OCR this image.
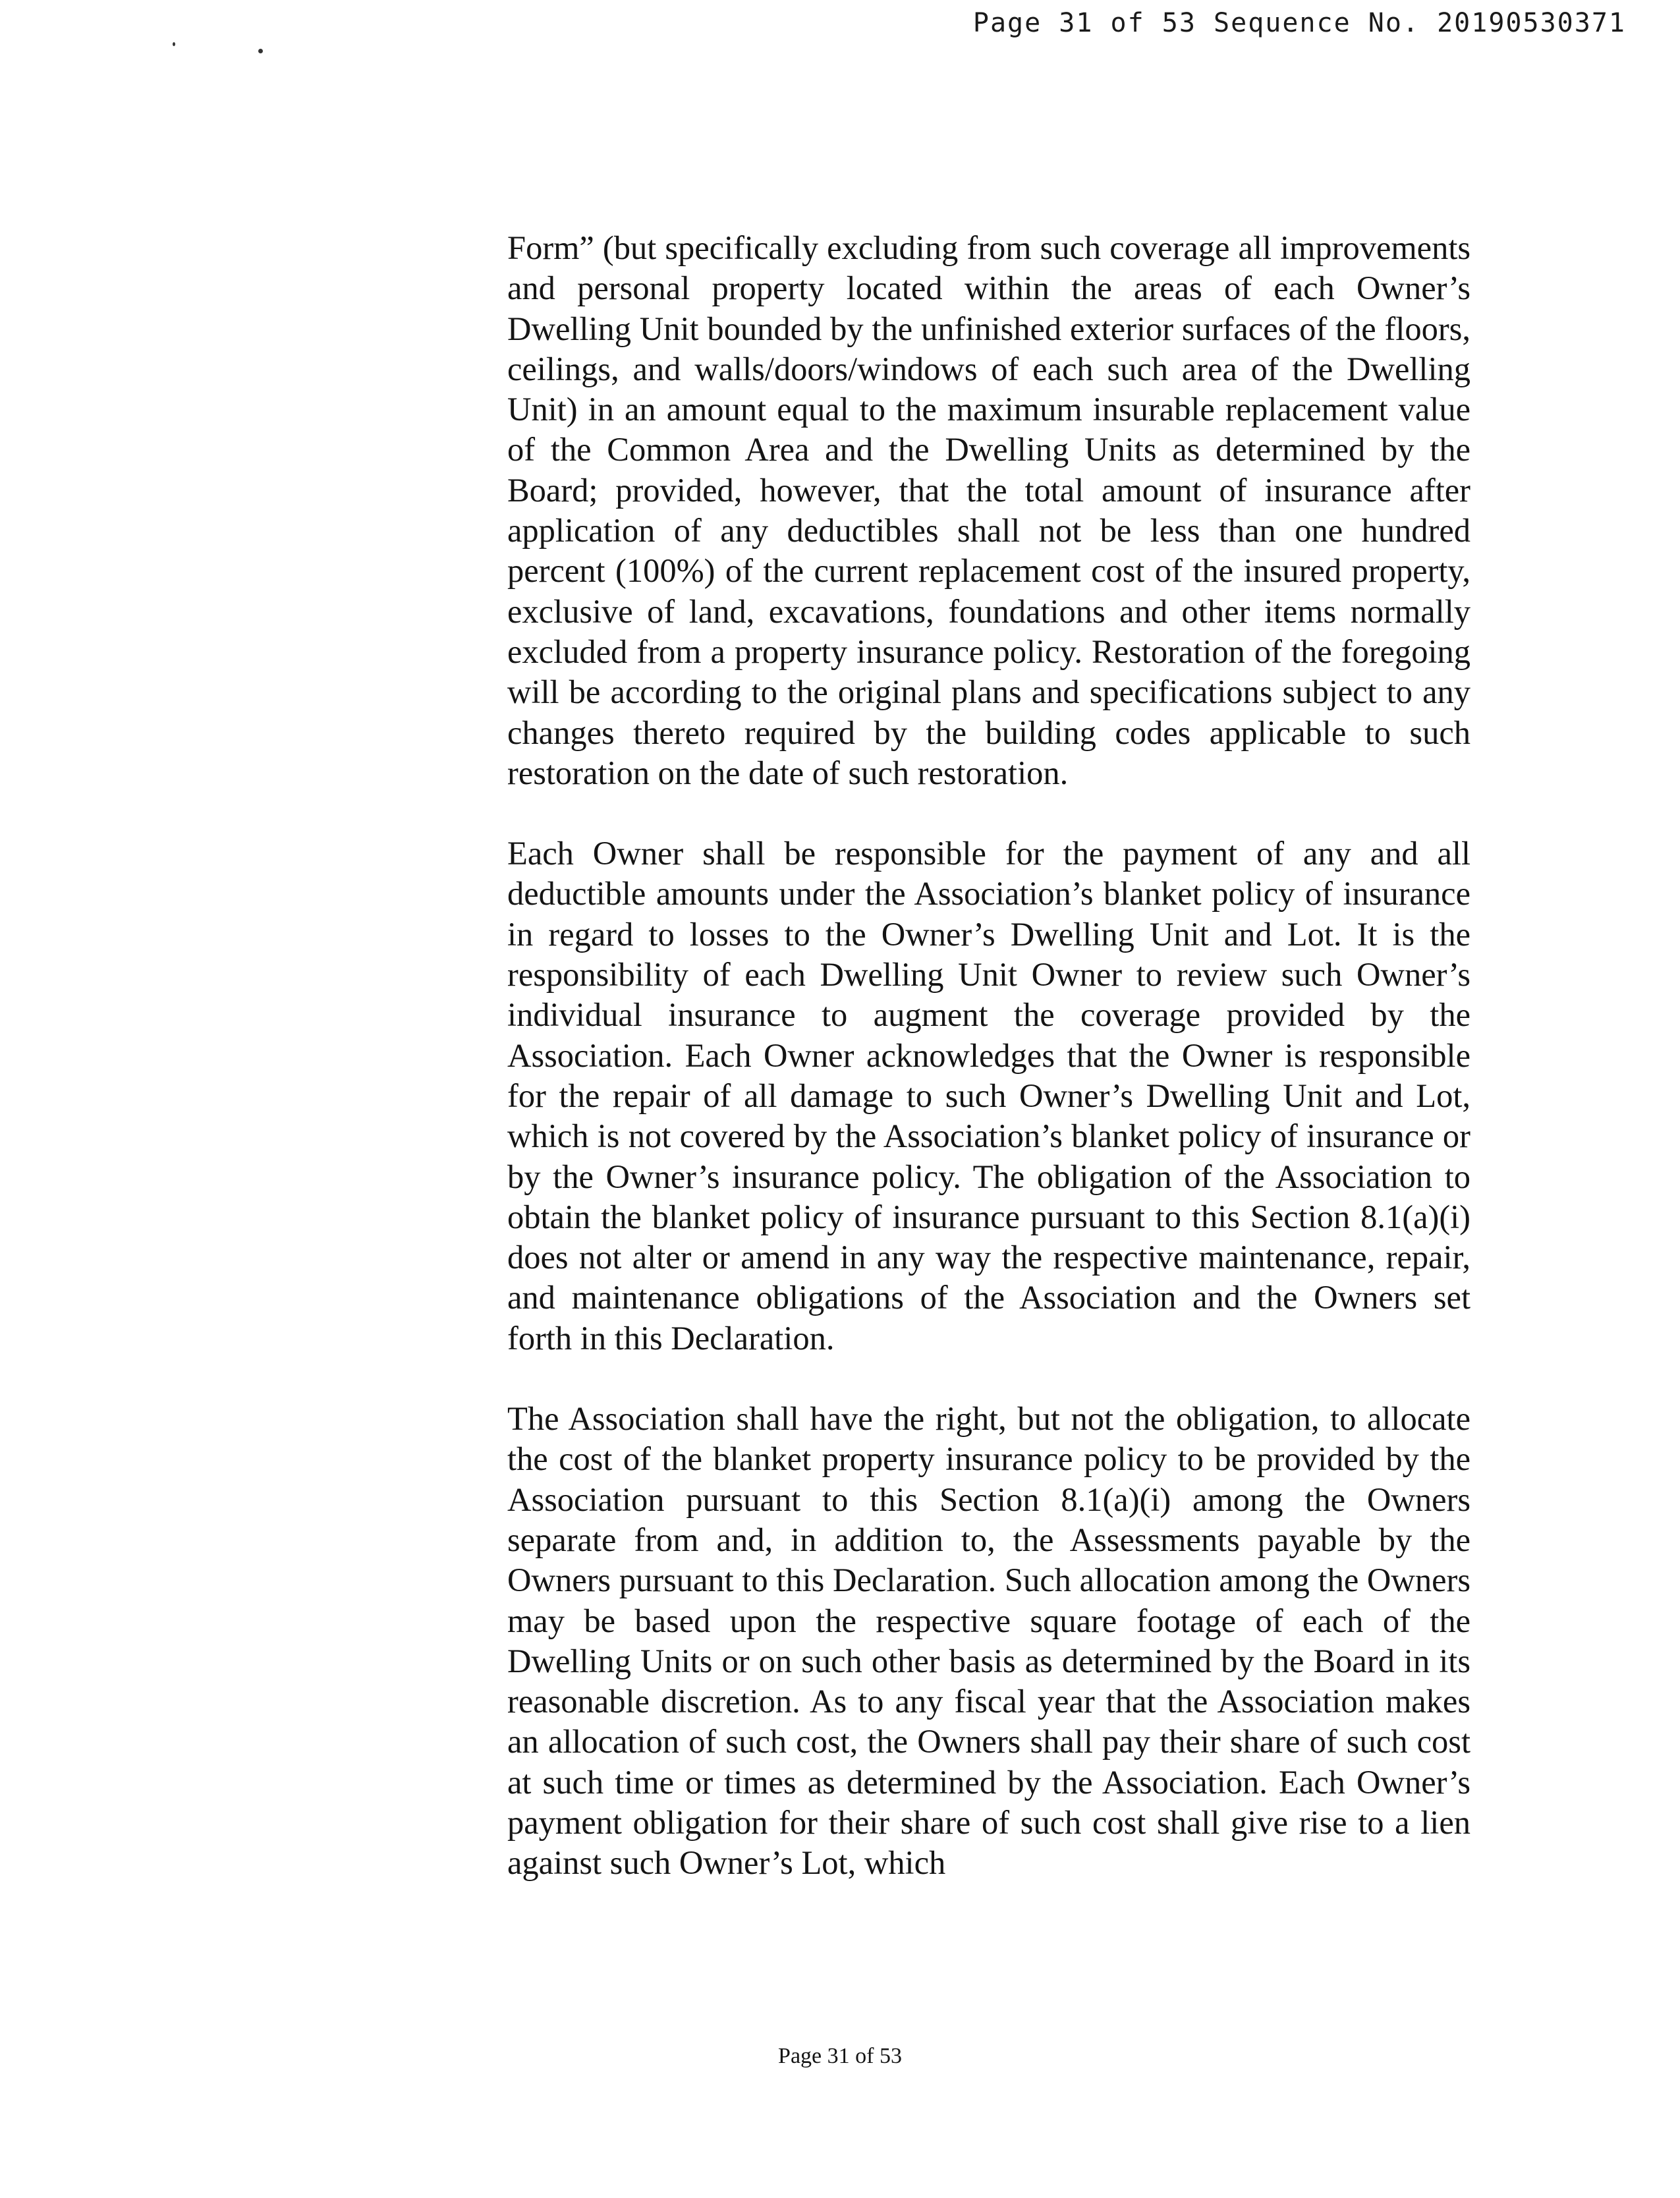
Page 31 of 53 Sequence No. 20190530371

Form” (but specifically excluding from such coverage all improvements and personal property located within the areas of each Owner’s Dwelling Unit bounded by the unfinished exterior surfaces of the floors, ceilings, and walls/doors/windows of each such area of the Dwelling Unit) in an amount equal to the maximum insurable replacement value of the Common Area and the Dwelling Units as determined by the Board; provided, however, that the total amount of insurance after application of any deductibles shall not be less than one hundred percent (100%) of the current replacement cost of the insured property, exclusive of land, excavations, foundations and other items normally excluded from a property insurance policy. Restoration of the foregoing will be according to the original plans and specifications subject to any changes thereto required by the building codes applicable to such restoration on the date of such restoration.

Each Owner shall be responsible for the payment of any and all deductible amounts under the Association’s blanket policy of insurance in regard to losses to the Owner’s Dwelling Unit and Lot. It is the responsibility of each Dwelling Unit Owner to review such Owner’s individual insurance to augment the coverage provided by the Association. Each Owner acknowledges that the Owner is responsible for the repair of all damage to such Owner’s Dwelling Unit and Lot, which is not covered by the Association’s blanket policy of insurance or by the Owner’s insurance policy. The obligation of the Association to obtain the blanket policy of insurance pursuant to this Section 8.1(a)(i) does not alter or amend in any way the respective maintenance, repair, and maintenance obligations of the Association and the Owners set forth in this Declaration.

The Association shall have the right, but not the obligation, to allocate the cost of the blanket property insurance policy to be provided by the Association pursuant to this Section 8.1(a)(i) among the Owners separate from and, in addition to, the Assessments payable by the Owners pursuant to this Declaration. Such allocation among the Owners may be based upon the respective square footage of each of the Dwelling Units or on such other basis as determined by the Board in its reasonable discretion. As to any fiscal year that the Association makes an allocation of such cost, the Owners shall pay their share of such cost at such time or times as determined by the Association. Each Owner’s payment obligation for their share of such cost shall give rise to a lien against such Owner’s Lot, which

Page 31 of 53
